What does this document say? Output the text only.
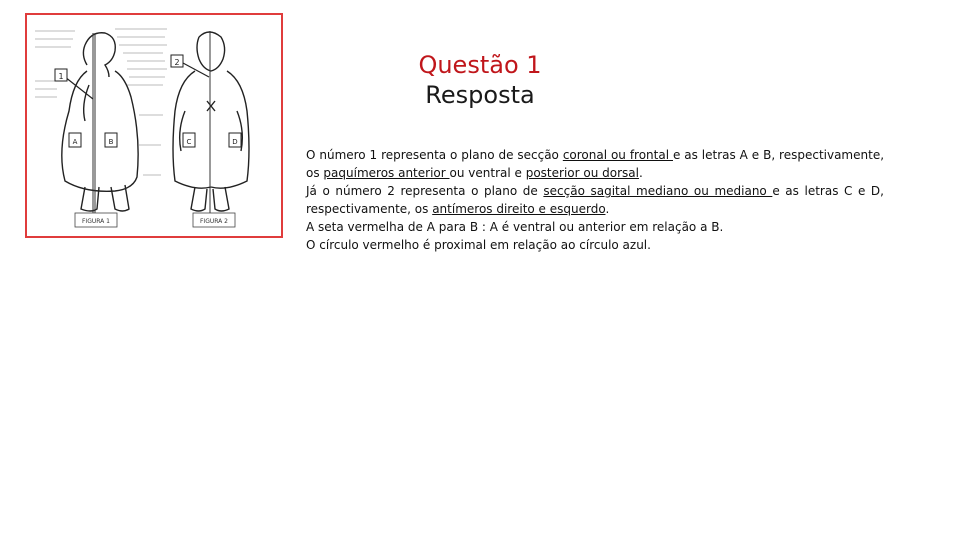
1
2
A	B	C	D
FIGURA 1	FIGURA 2
Questão 1
Resposta

O número 1 representa o plano de secção coronal ou frontal e as letras A e B, respectivamente, os paquímeros anterior ou ventral e posterior ou dorsal.

Já o número 2 representa o plano de secção sagital mediano ou mediano e as letras C e D, respectivamente, os antímeros direito e esquerdo.

A seta vermelha de A para B : A é ventral ou anterior em relação a B.

O círculo vermelho é proximal em relação ao círculo azul.
